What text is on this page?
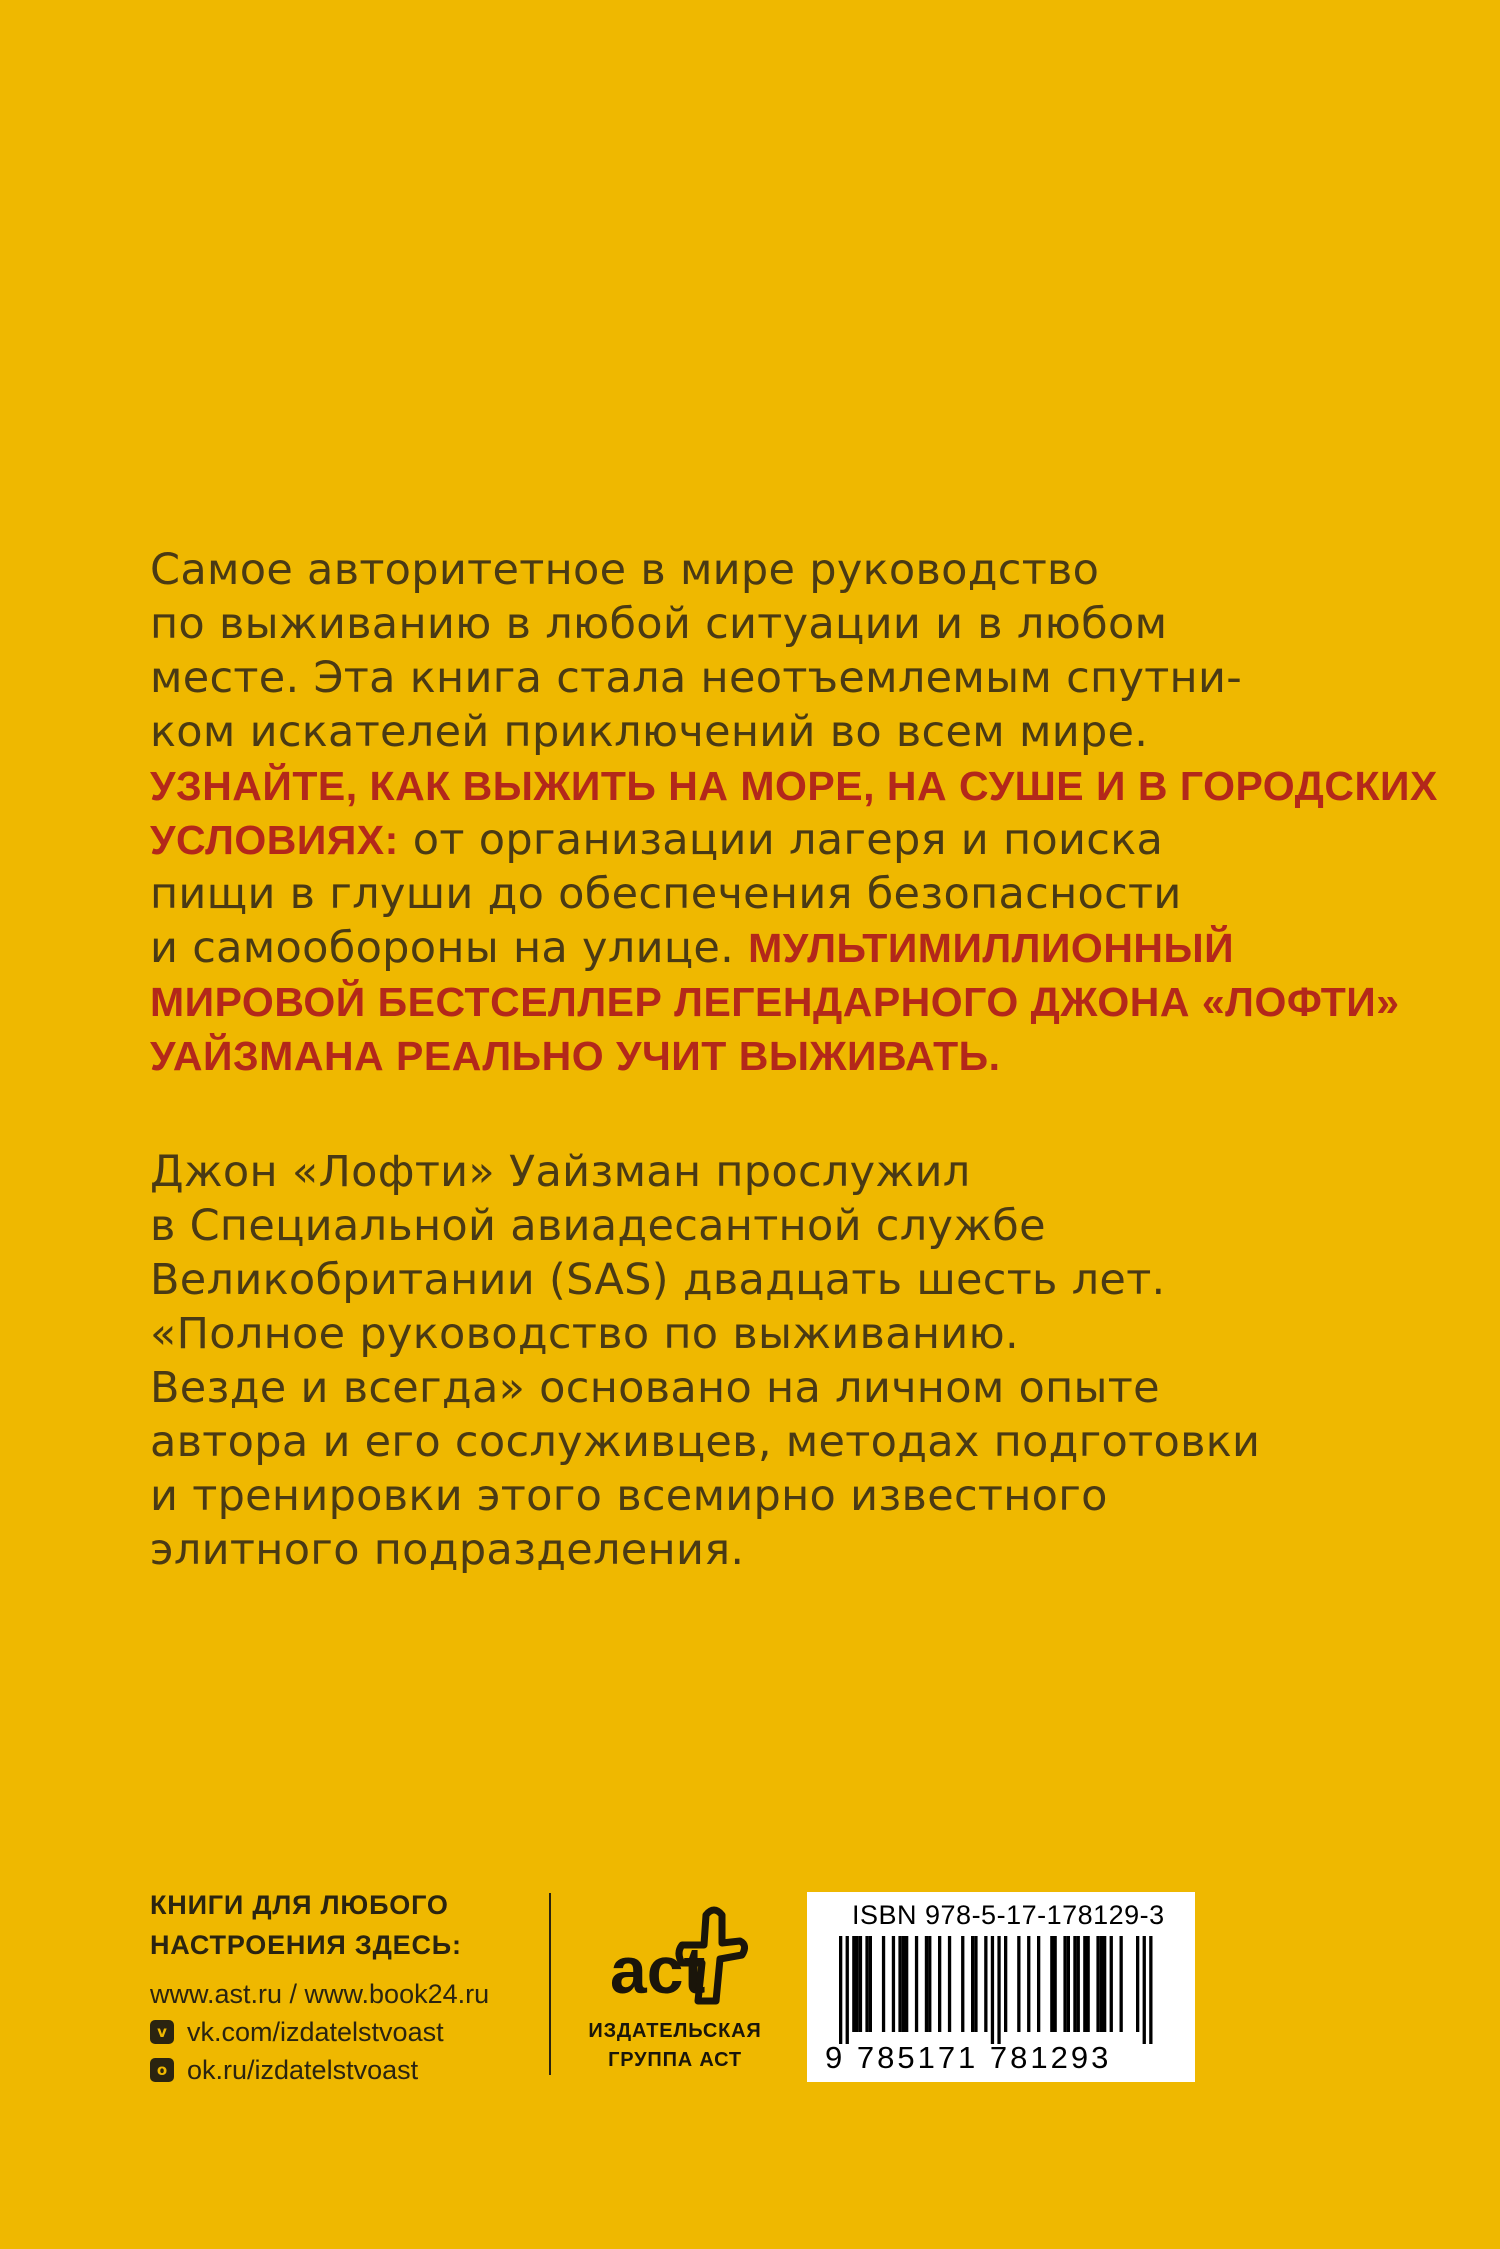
Самое авторитетное в мире руководство
по выживанию в любой ситуации и в любом
месте. Эта книга стала неотъемлемым спутни-
ком искателей приключений во всем мире.
УЗНАЙТЕ, КАК ВЫЖИТЬ НА МОРЕ, НА СУШЕ И В ГОРОДСКИХ
УСЛОВИЯХ: от организации лагеря и поиска
пищи в глуши до обеспечения безопасности
и самообороны на улице. МУЛЬТИМИЛЛИОННЫЙ
МИРОВОЙ БЕСТСЕЛЛЕР ЛЕГЕНДАРНОГО ДЖОНА «ЛОФТИ»
УАЙЗМАНА РЕАЛЬНО УЧИТ ВЫЖИВАТЬ.
Джон «Лофти» Уайзман прослужил
в Специальной авиадесантной службе
Великобритании (SAS) двадцать шесть лет.
«Полное руководство по выживанию.
Везде и всегда» основано на личном опыте
автора и его сослуживцев, методах подготовки
и тренировки этого всемирно известного
элитного подразделения.
КНИГИ ДЛЯ ЛЮБОГО
НАСТРОЕНИЯ ЗДЕСЬ:
www.ast.ru / www.book24.ru
v vk.com/izdatelstvoast
о ok.ru/izdatelstvoast
act
ИЗДАТЕЛЬСКАЯ
ГРУППА АСТ
ISBN 978-5-17-178129-3
9 785171 781293
